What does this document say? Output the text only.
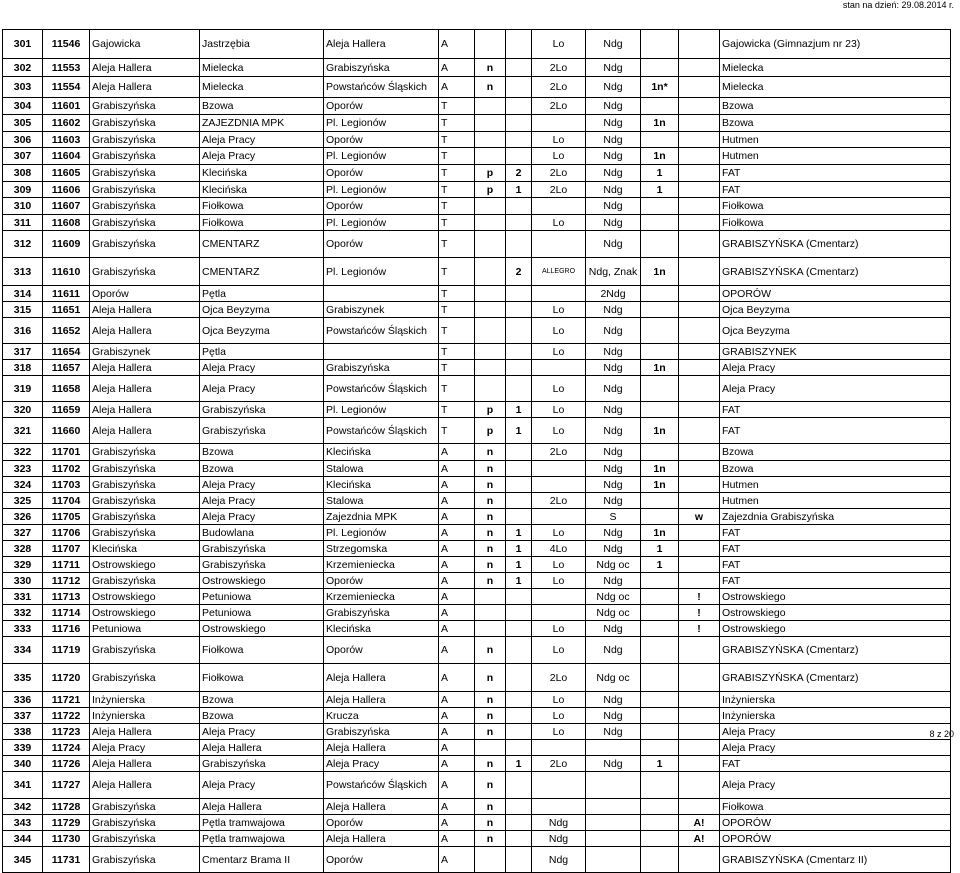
stan na dzień: 29.08.2014 r.
301	11546	Gajowicka	Jastrzębia	Aleja Hallera	A			Lo	Ndg			Gajowicka (Gimnazjum nr 23)
302	11553	Aleja Hallera	Mielecka	Grabiszyńska	A	n		2Lo	Ndg			Mielecka
303	11554	Aleja Hallera	Mielecka	Powstańców Śląskich	A	n		2Lo	Ndg	1n*		Mielecka
304	11601	Grabiszyńska	Bzowa	Oporów	T			2Lo	Ndg			Bzowa
305	11602	Grabiszyńska	ZAJEZDNIA MPK	Pl. Legionów	T				Ndg	1n		Bzowa
306	11603	Grabiszyńska	Aleja Pracy	Oporów	T			Lo	Ndg			Hutmen
307	11604	Grabiszyńska	Aleja Pracy	Pl. Legionów	T			Lo	Ndg	1n		Hutmen
308	11605	Grabiszyńska	Klecińska	Oporów	T	p	2	2Lo	Ndg	1		FAT
309	11606	Grabiszyńska	Klecińska	Pl. Legionów	T	p	1	2Lo	Ndg	1		FAT
310	11607	Grabiszyńska	Fiołkowa	Oporów	T				Ndg			Fiołkowa
311	11608	Grabiszyńska	Fiołkowa	Pl. Legionów	T			Lo	Ndg			Fiołkowa
312	11609	Grabiszyńska	CMENTARZ	Oporów	T				Ndg			GRABISZYŃSKA (Cmentarz)
313	11610	Grabiszyńska	CMENTARZ	Pl. Legionów	T		2	ALLEGRO	Ndg, Znak	1n		GRABISZYŃSKA (Cmentarz)
314	11611	Oporów	Pętla		T				2Ndg			OPORÓW
315	11651	Aleja Hallera	Ojca Beyzyma	Grabiszynek	T			Lo	Ndg			Ojca Beyzyma
316	11652	Aleja Hallera	Ojca Beyzyma	Powstańców Śląskich	T			Lo	Ndg			Ojca Beyzyma
317	11654	Grabiszynek	Pętla		T			Lo	Ndg			GRABISZYNEK
318	11657	Aleja Hallera	Aleja Pracy	Grabiszyńska	T				Ndg	1n		Aleja Pracy
319	11658	Aleja Hallera	Aleja Pracy	Powstańców Śląskich	T			Lo	Ndg			Aleja Pracy
320	11659	Aleja Hallera	Grabiszyńska	Pl. Legionów	T	p	1	Lo	Ndg			FAT
321	11660	Aleja Hallera	Grabiszyńska	Powstańców Śląskich	T	p	1	Lo	Ndg	1n		FAT
322	11701	Grabiszyńska	Bzowa	Klecińska	A	n		2Lo	Ndg			Bzowa
323	11702	Grabiszyńska	Bzowa	Stalowa	A	n			Ndg	1n		Bzowa
324	11703	Grabiszyńska	Aleja Pracy	Klecińska	A	n			Ndg	1n		Hutmen
325	11704	Grabiszyńska	Aleja Pracy	Stalowa	A	n		2Lo	Ndg			Hutmen
326	11705	Grabiszyńska	Aleja Pracy	Zajezdnia MPK	A	n			S		w	Zajezdnia Grabiszyńska
327	11706	Grabiszyńska	Budowlana	Pl. Legionów	A	n	1	Lo	Ndg	1n		FAT
328	11707	Klecińska	Grabiszyńska	Strzegomska	A	n	1	4Lo	Ndg	1		FAT
329	11711	Ostrowskiego	Grabiszyńska	Krzemieniecka	A	n	1	Lo	Ndg oc	1		FAT
330	11712	Grabiszyńska	Ostrowskiego	Oporów	A	n	1	Lo	Ndg			FAT
331	11713	Ostrowskiego	Petuniowa	Krzemieniecka	A				Ndg oc		!	Ostrowskiego
332	11714	Ostrowskiego	Petuniowa	Grabiszyńska	A				Ndg oc		!	Ostrowskiego
333	11716	Petuniowa	Ostrowskiego	Klecińska	A			Lo	Ndg		!	Ostrowskiego
334	11719	Grabiszyńska	Fiołkowa	Oporów	A	n		Lo	Ndg			GRABISZYŃSKA (Cmentarz)
335	11720	Grabiszyńska	Fiołkowa	Aleja Hallera	A	n		2Lo	Ndg oc			GRABISZYŃSKA (Cmentarz)
336	11721	Inżynierska	Bzowa	Aleja Hallera	A	n		Lo	Ndg			Inżynierska
337	11722	Inżynierska	Bzowa	Krucza	A	n		Lo	Ndg			Inżynierska
338	11723	Aleja Hallera	Aleja Pracy	Grabiszyńska	A	n		Lo	Ndg			Aleja Pracy
339	11724	Aleja Pracy	Aleja Hallera	Aleja Hallera	A							Aleja Pracy
340	11726	Aleja Hallera	Grabiszyńska	Aleja Pracy	A	n	1	2Lo	Ndg	1		FAT
341	11727	Aleja Hallera	Aleja Pracy	Powstańców Śląskich	A	n						Aleja Pracy
342	11728	Grabiszyńska	Aleja Hallera	Aleja Hallera	A	n						Fiołkowa
343	11729	Grabiszyńska	Pętla tramwajowa	Oporów	A	n		Ndg			A!	OPORÓW
344	11730	Grabiszyńska	Pętla tramwajowa	Aleja Hallera	A	n		Ndg			A!	OPORÓW
345	11731	Grabiszyńska	Cmentarz Brama II	Oporów	A			Ndg				GRABISZYŃSKA (Cmentarz II)
8 z 20
